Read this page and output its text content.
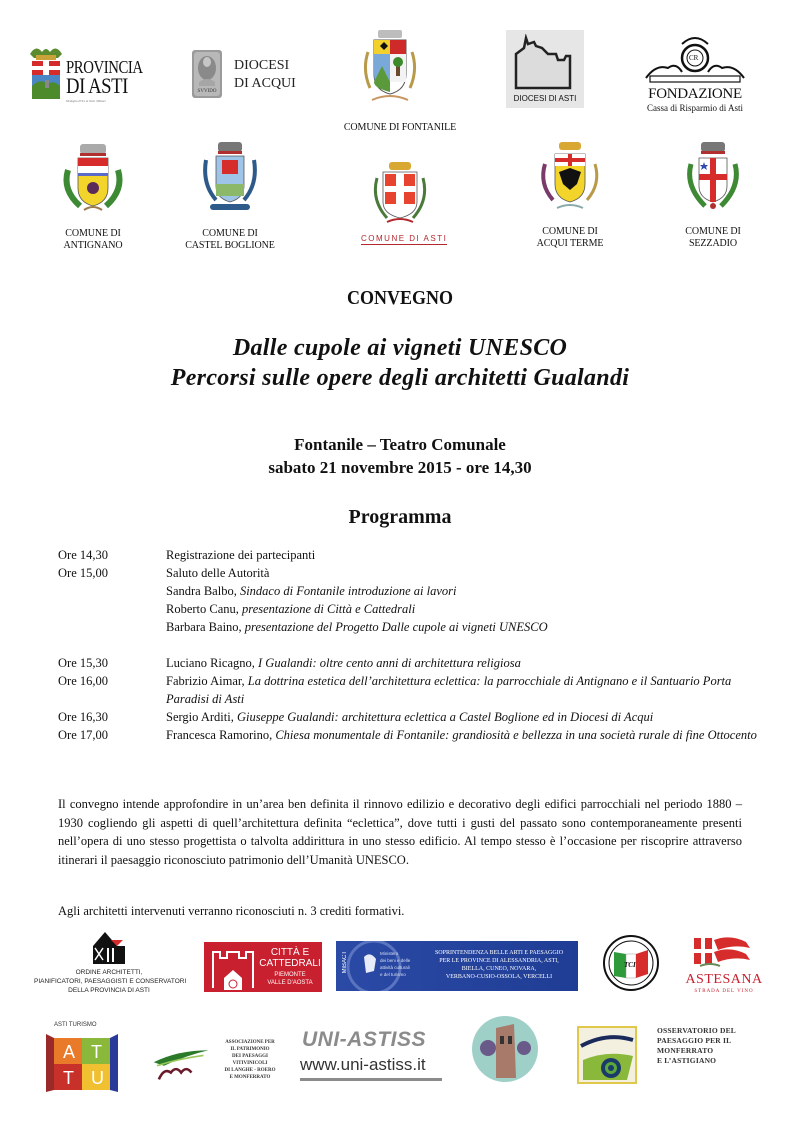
PROVINCIA
DI ASTI
Medaglia d'Oro al Valor Militare
SVVIDO
DIOCESI
DI ACQUI
COMUNE DI FONTANILE
DIOCESI DI ASTI
CR
FONDAZIONE
Cassa di Risparmio di Asti
COMUNE DI
ANTIGNANO
COMUNE DI
CASTEL BOGLIONE
COMUNE DI ASTI
COMUNE DI
ACQUI TERME
COMUNE DI
SEZZADIO
CONVEGNO
Dalle cupole ai vigneti UNESCO
Percorsi sulle opere degli architetti Gualandi
Fontanile – Teatro Comunale
sabato 21 novembre 2015 - ore 14,30
Programma
Ore 14,30	Registrazione dei partecipanti
Ore 15,00	Saluto delle Autorità
Sandra Balbo, Sindaco di Fontanile introduzione ai lavori
Roberto Canu, presentazione di Città e Cattedrali
Barbara Baino, presentazione del Progetto Dalle cupole ai vigneti UNESCO
Ore 15,30	Luciano Ricagno, I Gualandi: oltre cento anni di architettura religiosa
Ore 16,00	Fabrizio Aimar, La dottrina estetica dell’architettura eclettica: la parrocchiale di Antignano e il Santuario Porta Paradisi di Asti
Ore 16,30	Sergio Arditi, Giuseppe Gualandi: architettura eclettica a Castel Boglione ed in Diocesi di Acqui
Ore 17,00	Francesca Ramorino, Chiesa monumentale di Fontanile: grandiosità e bellezza in una società rurale di fine Ottocento
Il convegno intende approfondire in un’area ben definita il rinnovo edilizio e decorativo degli edifici parrocchiali nel periodo 1880 – 1930 cogliendo gli aspetti di quell’architettura definita “eclettica”, dove tutti i gusti del passato sono contemporaneamente presenti nell’opera di uno stesso progettista o talvolta addirittura in uno stesso edificio. Al tempo stesso è l’occasione per riscoprire attraverso itinerari il paesaggio riconosciuto patrimonio dell’Umanità UNESCO.
Agli architetti intervenuti verranno riconosciuti n. 3 crediti formativi.
ORDINE ARCHITETTI,
PIANIFICATORI, PAESAGGISTI E CONSERVATORI
DELLA PROVINCIA DI ASTI
CITTÀ E
CATTEDRALI
PIEMONTE
VALLE D'AOSTA
MiBACT	Ministero
dei beni e delle
attività culturali
e del turismo
SOPRINTENDENZA BELLE ARTI E PAESAGGIO
PER LE PROVINCE DI ALESSANDRIA, ASTI,
BIELLA, CUNEO, NOVARA,
VERBANO-CUSIO-OSSOLA, VERCELLI
TCI
ASTESANA
STRADA DEL VINO
ASTI TURISMO
A T
T U
ASSOCIAZIONE PER
IL PATRIMONIO
DEI PAESAGGI
VITIVINICOLI
DI LANGHE - ROERO
E MONFERRATO
UNI-ASTISS
www.uni-astiss.it
OSSERVATORIO DEL
PAESAGGIO PER IL
MONFERRATO
E L’ASTIGIANO
